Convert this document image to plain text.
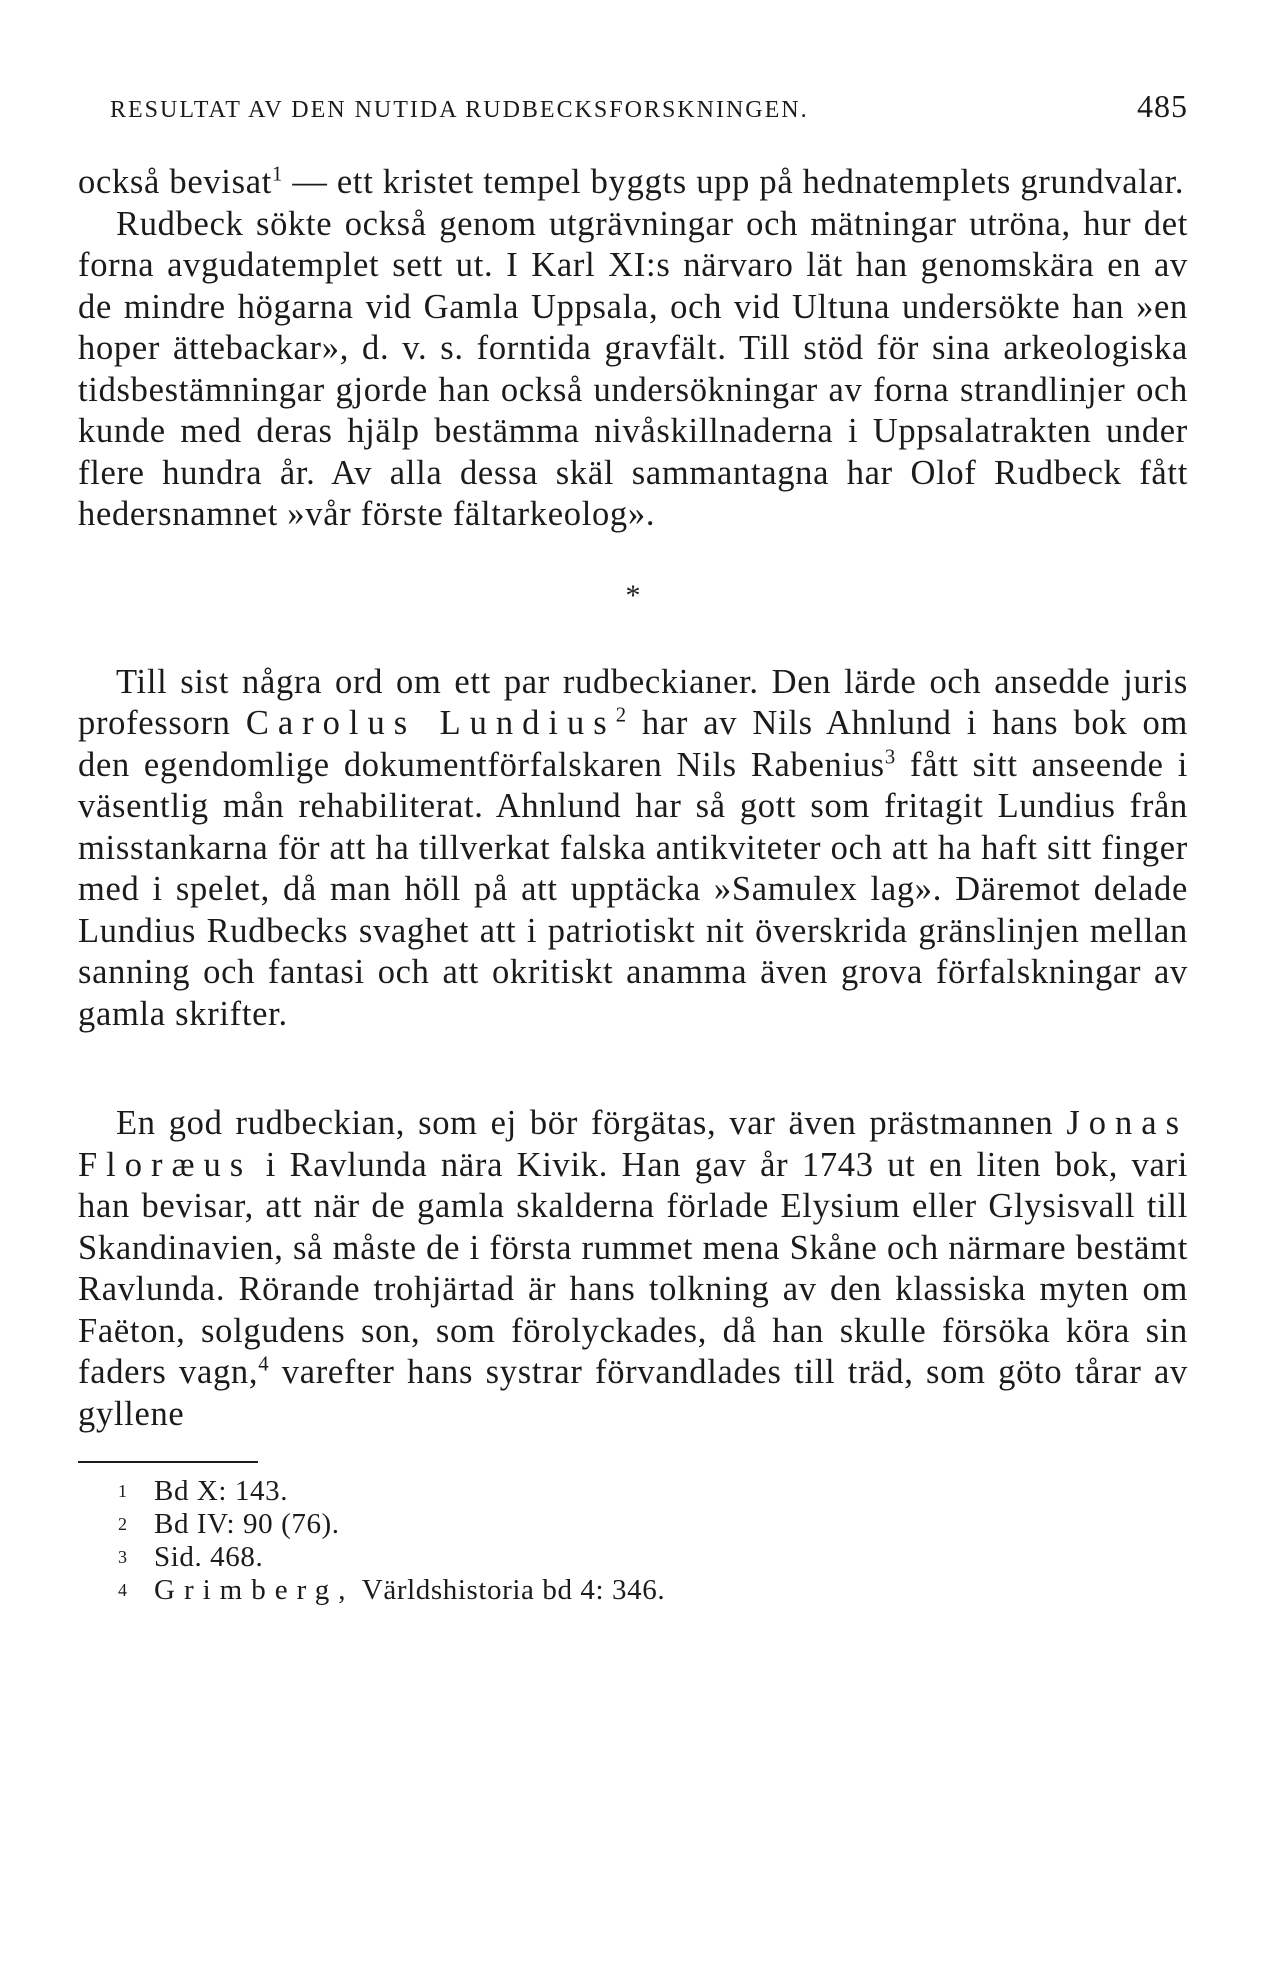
RESULTAT AV DEN NUTIDA RUDBECKSFORSKNINGEN.	485

också bevisat$^1$ — ett kristet tempel byggts upp på hednatemplets grundvalar.

Rudbeck sökte också genom utgrävningar och mätningar utröna, hur det forna avgudatemplet sett ut. I Karl XI:s närvaro lät han genomskära en av de mindre högarna vid Gamla Uppsala, och vid Ultuna undersökte han »en hoper ättebackar», d. v. s. forntida gravfält. Till stöd för sina arkeologiska tidsbestämningar gjorde han också undersökningar av forna strandlinjer och kunde med deras hjälp bestämma nivåskillnaderna i Uppsalatrakten under flere hundra år. Av alla dessa skäl sammantagna har Olof Rudbeck fått hedersnamnet »vår förste fältarkeolog».

*

Till sist några ord om ett par rudbeckianer. Den lärde och ansedde juris professorn Carolus Lundius$^2$ har av Nils Ahnlund i hans bok om den egendomlige dokumentförfalskaren Nils Rabenius$^3$ fått sitt anseende i väsentlig mån rehabiliterat. Ahnlund har så gott som fritagit Lundius från misstankarna för att ha tillverkat falska antikviteter och att ha haft sitt finger med i spelet, då man höll på att upptäcka »Samulex lag». Däremot delade Lundius Rudbecks svaghet att i patriotiskt nit överskrida gränslinjen mellan sanning och fantasi och att okritiskt anamma även grova förfalskningar av gamla skrifter.

En god rudbeckian, som ej bör förgätas, var även prästmannen Jonas Floræus i Ravlunda nära Kivik. Han gav år 1743 ut en liten bok, vari han bevisar, att när de gamla skalderna förlade Elysium eller Glysisvall till Skandinavien, så måste de i första rummet mena Skåne och närmare bestämt Ravlunda. Rörande trohjärtad är hans tolkning av den klassiska myten om Faëton, solgudens son, som förolyckades, då han skulle försöka köra sin faders vagn,$^4$ varefter hans systrar förvandlades till träd, som göto tårar av gyllene

1 Bd X: 143.
2 Bd IV: 90 (76).
3 Sid. 468.
4 Grimberg, Världshistoria bd 4: 346.
